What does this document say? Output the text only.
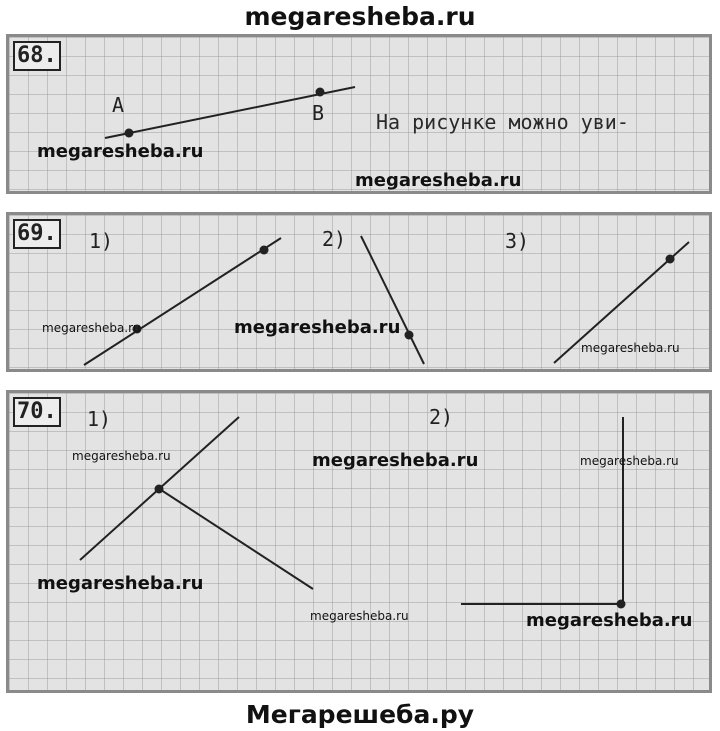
megaresheba.ru
68.
A	B

	На рисунке можно уви-

megaresheba.ru
megaresheba.ru
69. 1)	2)	3)
megaresheba.ru	megaresheba.ru
megaresheba.ru
70. 1)	2)
megaresheba.ru	megaresheba.ru	megaresheba.ru
megaresheba.ru
megaresheba.ru	megaresheba.ru

Мегарешеба.ру
